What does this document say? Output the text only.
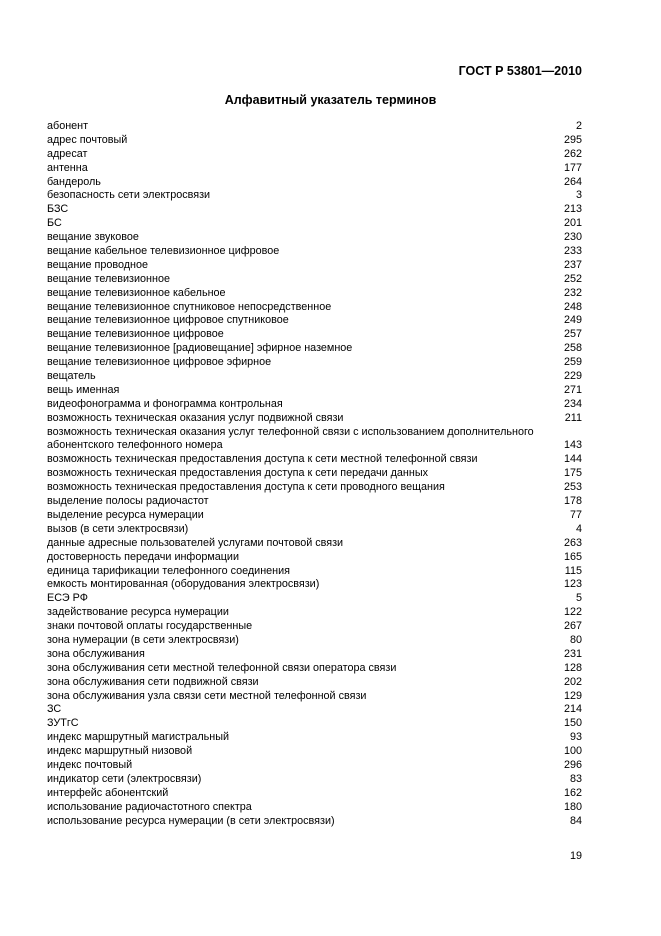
ГОСТ Р 53801—2010
Алфавитный указатель терминов
абонент	2
адрес почтовый	295
адресат	262
антенна	177
бандероль	264
безопасность сети электросвязи	3
БЗС	213
БС	201
вещание звуковое	230
вещание кабельное телевизионное цифровое	233
вещание проводное	237
вещание телевизионное	252
вещание телевизионное кабельное	232
вещание телевизионное спутниковое непосредственное	248
вещание телевизионное цифровое спутниковое	249
вещание телевизионное цифровое	257
вещание телевизионное [радиовещание] эфирное наземное	258
вещание телевизионное цифровое эфирное	259
вещатель	229
вещь именная	271
видеофонограмма и фонограмма контрольная	234
возможность техническая оказания услуг подвижной связи	211
возможность техническая оказания услуг телефонной связи с использованием дополнительного
абонентского телефонного номера	143
возможность техническая предоставления доступа к сети местной телефонной связи	144
возможность техническая предоставления доступа к сети передачи данных	175
возможность техническая предоставления доступа к сети проводного вещания	253
выделение полосы радиочастот	178
выделение ресурса нумерации	77
вызов (в сети электросвязи)	4
данные адресные пользователей услугами почтовой связи	263
достоверность передачи информации	165
единица тарификации телефонного соединения	115
емкость монтированная (оборудования электросвязи)	123
ЕСЭ РФ	5
задействование ресурса нумерации	122
знаки почтовой оплаты государственные	267
зона нумерации (в сети электросвязи)	80
зона обслуживания	231
зона обслуживания сети местной телефонной связи оператора связи	128
зона обслуживания сети подвижной связи	202
зона обслуживания узла связи сети местной телефонной связи	129
ЗС	214
ЗУТгС	150
индекс маршрутный магистральный	93
индекс маршрутный низовой	100
индекс почтовый	296
индикатор сети (электросвязи)	83
интерфейс абонентский	162
использование радиочастотного спектра	180
использование ресурса нумерации (в сети электросвязи)	84
19
